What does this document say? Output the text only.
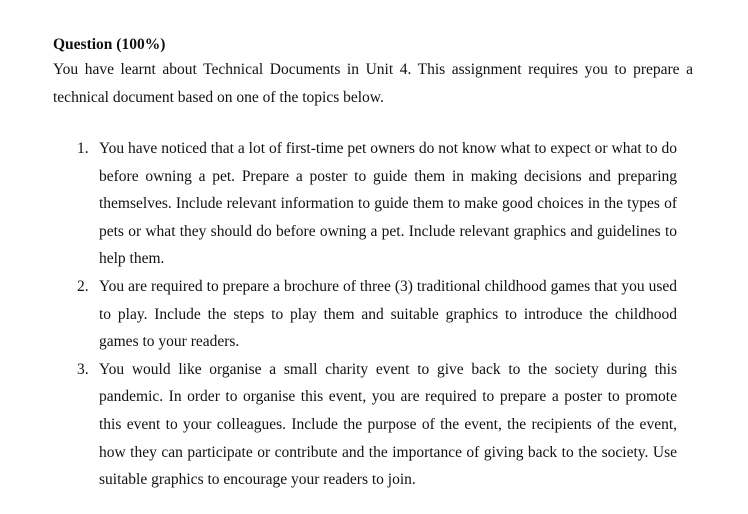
Question (100%)
You have learnt about Technical Documents in Unit 4. This assignment requires you to prepare a technical document based on one of the topics below.
1. You have noticed that a lot of first-time pet owners do not know what to expect or what to do before owning a pet. Prepare a poster to guide them in making decisions and preparing themselves. Include relevant information to guide them to make good choices in the types of pets or what they should do before owning a pet. Include relevant graphics and guidelines to help them.
2. You are required to prepare a brochure of three (3) traditional childhood games that you used to play. Include the steps to play them and suitable graphics to introduce the childhood games to your readers.
3. You would like organise a small charity event to give back to the society during this pandemic. In order to organise this event, you are required to prepare a poster to promote this event to your colleagues. Include the purpose of the event, the recipients of the event, how they can participate or contribute and the importance of giving back to the society. Use suitable graphics to encourage your readers to join.
